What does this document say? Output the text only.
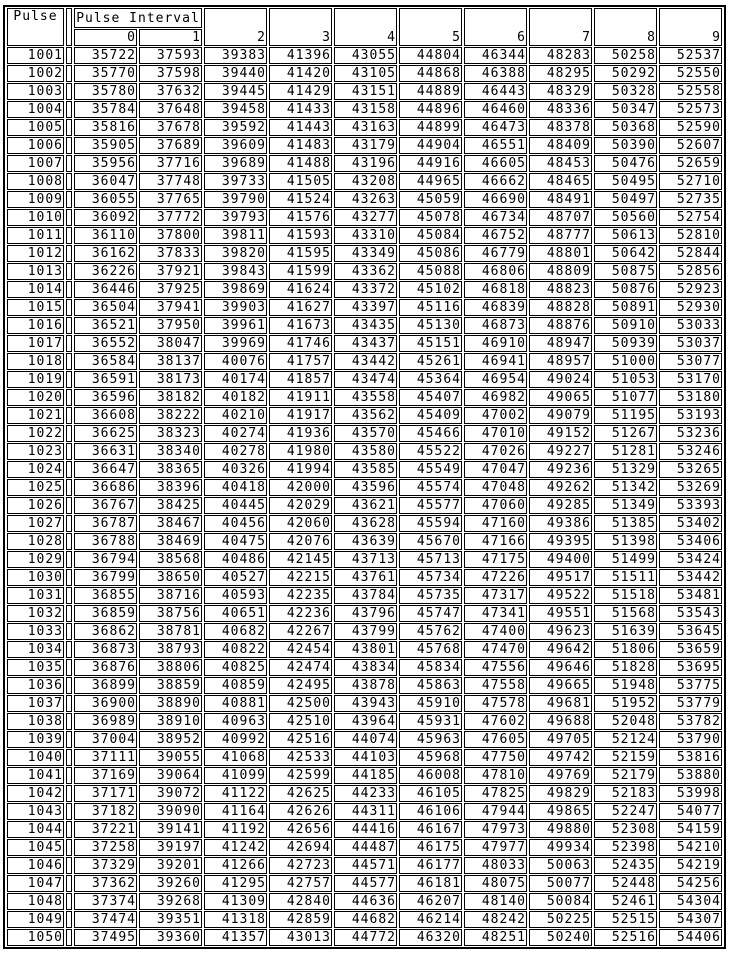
Pulse		Pulse Interval		2	3	4	5	6	7	8	9
		0	1								
1001		35722	37593	39383	41396	43055	44804	46344	48283	50258	52537
1002		35770	37598	39440	41420	43105	44868	46388	48295	50292	52550
1003		35780	37632	39445	41429	43151	44889	46443	48329	50328	52558
1004		35784	37648	39458	41433	43158	44896	46460	48336	50347	52573
1005		35816	37678	39592	41443	43163	44899	46473	48378	50368	52590
1006		35905	37689	39609	41483	43179	44904	46551	48409	50390	52607
1007		35956	37716	39689	41488	43196	44916	46605	48453	50476	52659
1008		36047	37748	39733	41505	43208	44965	46662	48465	50495	52710
1009		36055	37765	39790	41524	43263	45059	46690	48491	50497	52735
1010		36092	37772	39793	41576	43277	45078	46734	48707	50560	52754
1011		36110	37800	39811	41593	43310	45084	46752	48777	50613	52810
1012		36162	37833	39820	41595	43349	45086	46779	48801	50642	52844
1013		36226	37921	39843	41599	43362	45088	46806	48809	50875	52856
1014		36446	37925	39869	41624	43372	45102	46818	48823	50876	52923
1015		36504	37941	39903	41627	43397	45116	46839	48828	50891	52930
1016		36521	37950	39961	41673	43435	45130	46873	48876	50910	53033
1017		36552	38047	39969	41746	43437	45151	46910	48947	50939	53037
1018		36584	38137	40076	41757	43442	45261	46941	48957	51000	53077
1019		36591	38173	40174	41857	43474	45364	46954	49024	51053	53170
1020		36596	38182	40182	41911	43558	45407	46982	49065	51077	53180
1021		36608	38222	40210	41917	43562	45409	47002	49079	51195	53193
1022		36625	38323	40274	41936	43570	45466	47010	49152	51267	53236
1023		36631	38340	40278	41980	43580	45522	47026	49227	51281	53246
1024		36647	38365	40326	41994	43585	45549	47047	49236	51329	53265
1025		36686	38396	40418	42000	43596	45574	47048	49262	51342	53269
1026		36767	38425	40445	42029	43621	45577	47060	49285	51349	53393
1027		36787	38467	40456	42060	43628	45594	47160	49386	51385	53402
1028		36788	38469	40475	42076	43639	45670	47166	49395	51398	53406
1029		36794	38568	40486	42145	43713	45713	47175	49400	51499	53424
1030		36799	38650	40527	42215	43761	45734	47226	49517	51511	53442
1031		36855	38716	40593	42235	43784	45735	47317	49522	51518	53481
1032		36859	38756	40651	42236	43796	45747	47341	49551	51568	53543
1033		36862	38781	40682	42267	43799	45762	47400	49623	51639	53645
1034		36873	38793	40822	42454	43801	45768	47470	49642	51806	53659
1035		36876	38806	40825	42474	43834	45834	47556	49646	51828	53695
1036		36899	38859	40859	42495	43878	45863	47558	49665	51948	53775
1037		36900	38890	40881	42500	43943	45910	47578	49681	51952	53779
1038		36989	38910	40963	42510	43964	45931	47602	49688	52048	53782
1039		37004	38952	40992	42516	44074	45963	47605	49705	52124	53790
1040		37111	39055	41068	42533	44103	45968	47750	49742	52159	53816
1041		37169	39064	41099	42599	44185	46008	47810	49769	52179	53880
1042		37171	39072	41122	42625	44233	46105	47825	49829	52183	53998
1043		37182	39090	41164	42626	44311	46106	47944	49865	52247	54077
1044		37221	39141	41192	42656	44416	46167	47973	49880	52308	54159
1045		37258	39197	41242	42694	44487	46175	47977	49934	52398	54210
1046		37329	39201	41266	42723	44571	46177	48033	50063	52435	54219
1047		37362	39260	41295	42757	44577	46181	48075	50077	52448	54256
1048		37374	39268	41309	42840	44636	46207	48140	50084	52461	54304
1049		37474	39351	41318	42859	44682	46214	48242	50225	52515	54307
1050		37495	39360	41357	43013	44772	46320	48251	50240	52516	54406
